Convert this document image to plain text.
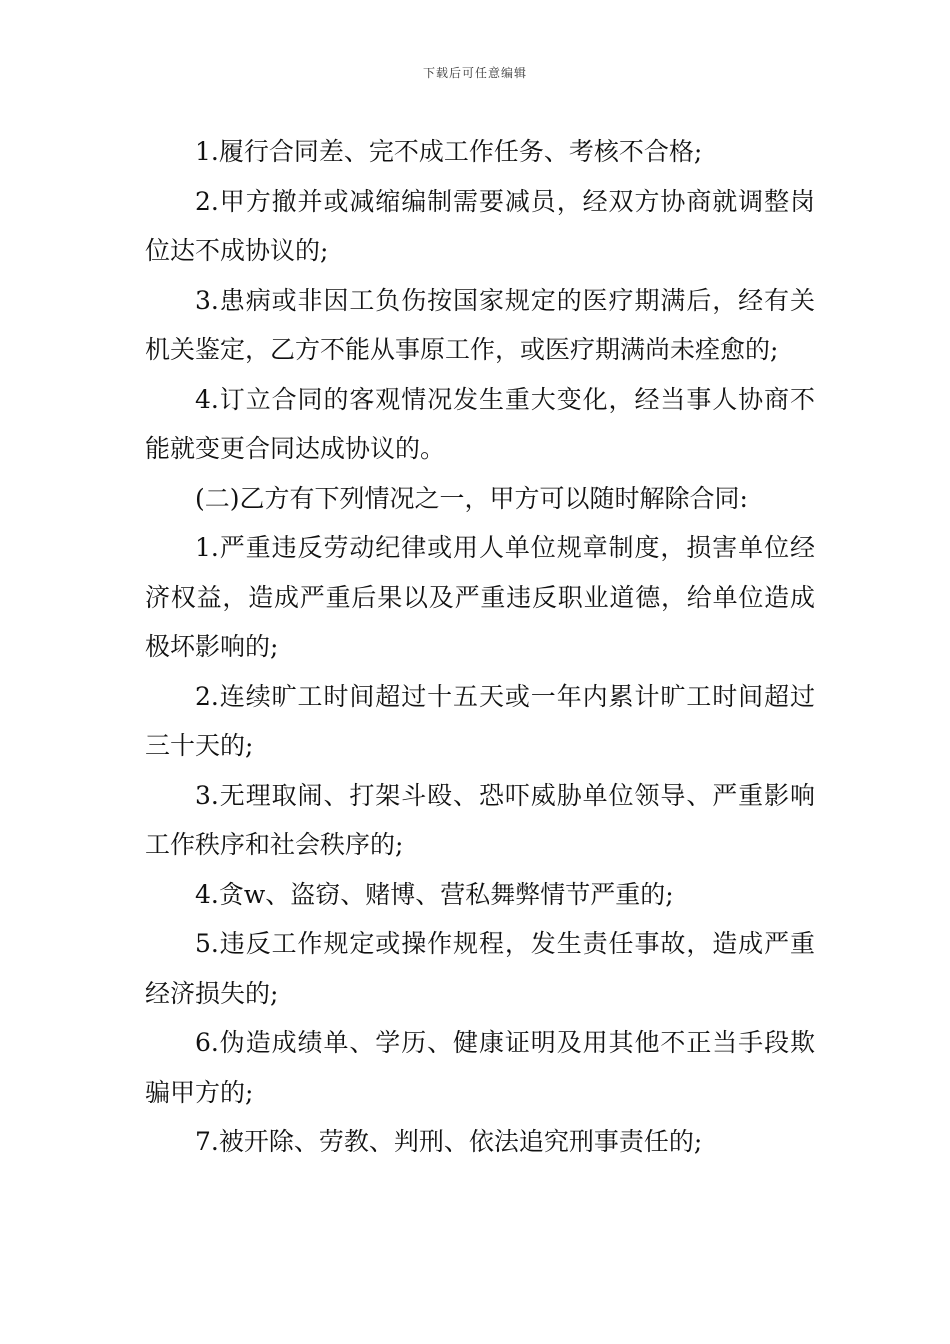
下载后可任意编辑

1.履行合同差、完不成工作任务、考核不合格;

2.甲方撤并或减缩编制需要减员，经双方协商就调整岗位达不成协议的;

3.患病或非因工负伤按国家规定的医疗期满后，经有关机关鉴定，乙方不能从事原工作，或医疗期满尚未痊愈的;

4.订立合同的客观情况发生重大变化，经当事人协商不能就变更合同达成协议的。

(二)乙方有下列情况之一，甲方可以随时解除合同:

1.严重违反劳动纪律或用人单位规章制度，损害单位经济权益，造成严重后果以及严重违反职业道德，给单位造成极坏影响的;

2.连续旷工时间超过十五天或一年内累计旷工时间超过三十天的;

3.无理取闹、打架斗殴、恐吓威胁单位领导、严重影响工作秩序和社会秩序的;

4.贪w、盗窃、赌博、营私舞弊情节严重的;

5.违反工作规定或操作规程，发生责任事故，造成严重经济损失的;

6.伪造成绩单、学历、健康证明及用其他不正当手段欺骗甲方的;

7.被开除、劳教、判刑、依法追究刑事责任的;
